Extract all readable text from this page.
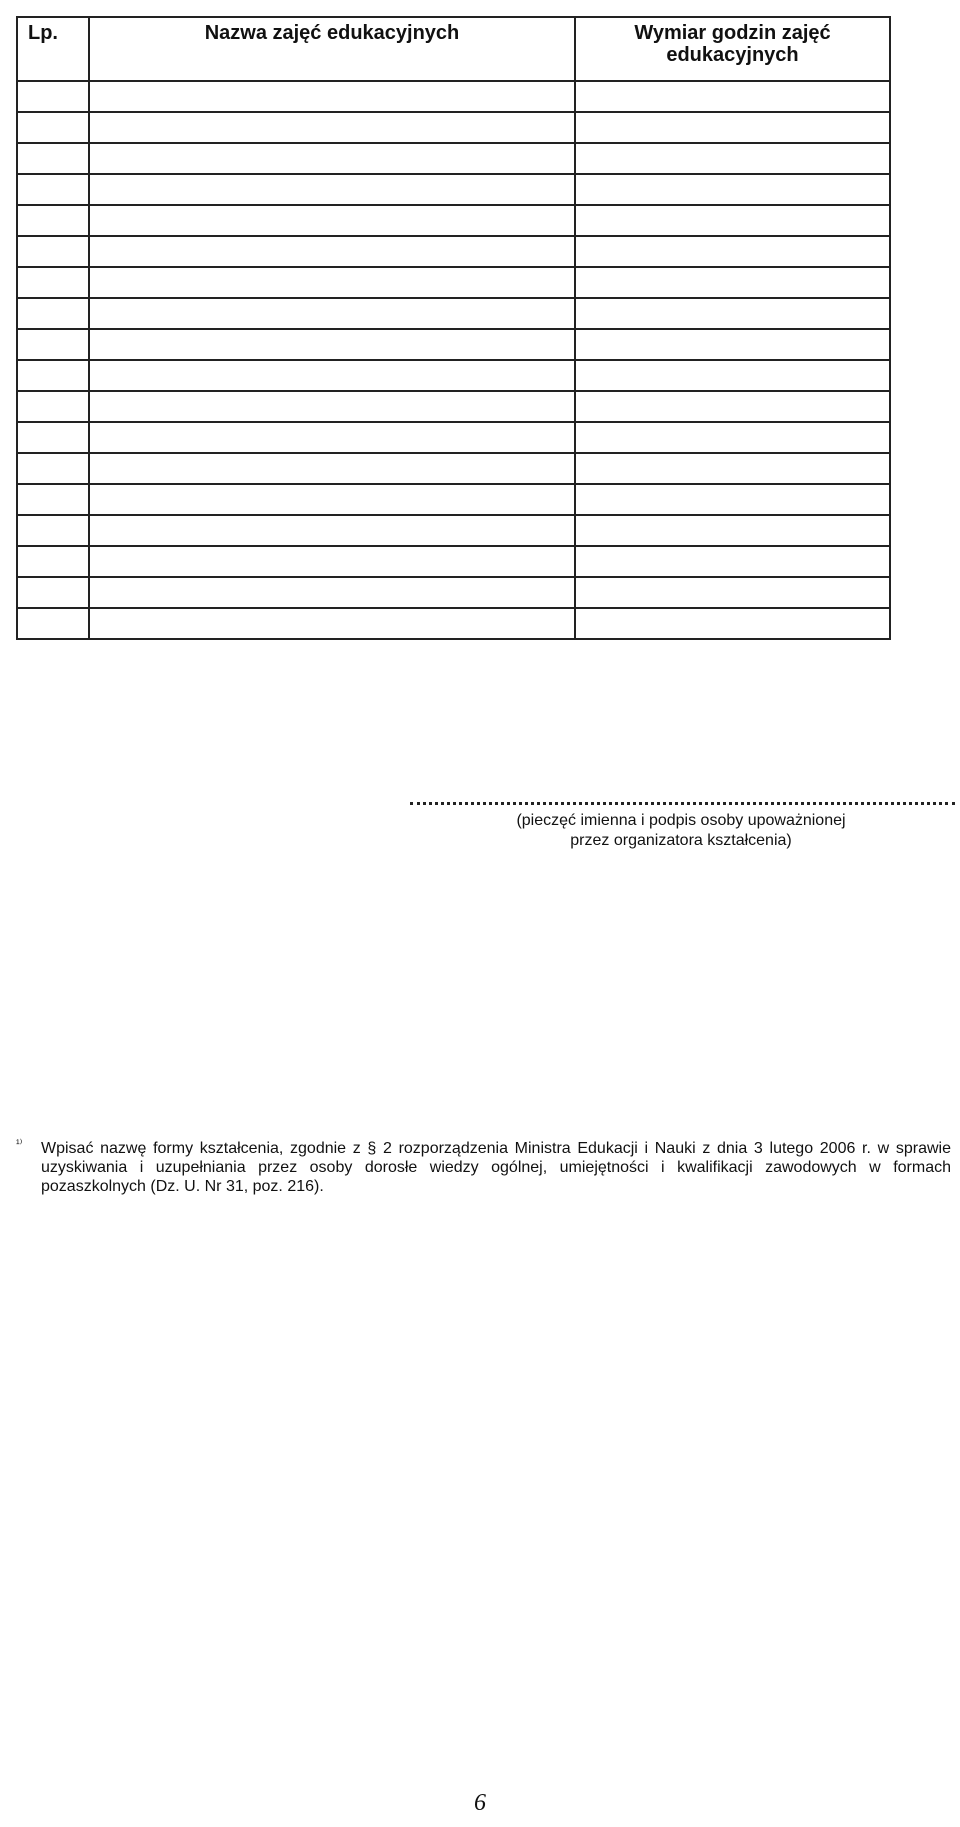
Lp.	Nazwa zajęć edukacyjnych	Wymiar godzin zajęć edukacyjnych

(pieczęć imienna i podpis osoby upoważnionej
przez organizatora kształcenia)
¹⁾ Wpisać nazwę formy kształcenia, zgodnie z § 2 rozporządzenia Ministra Edukacji i Nauki z dnia 3 lutego 2006 r. w sprawie uzyskiwania i uzupełniania przez osoby dorosłe wiedzy ogólnej, umiejętności i kwalifikacji zawodowych w formach pozaszkolnych (Dz. U. Nr 31, poz. 216).
6
